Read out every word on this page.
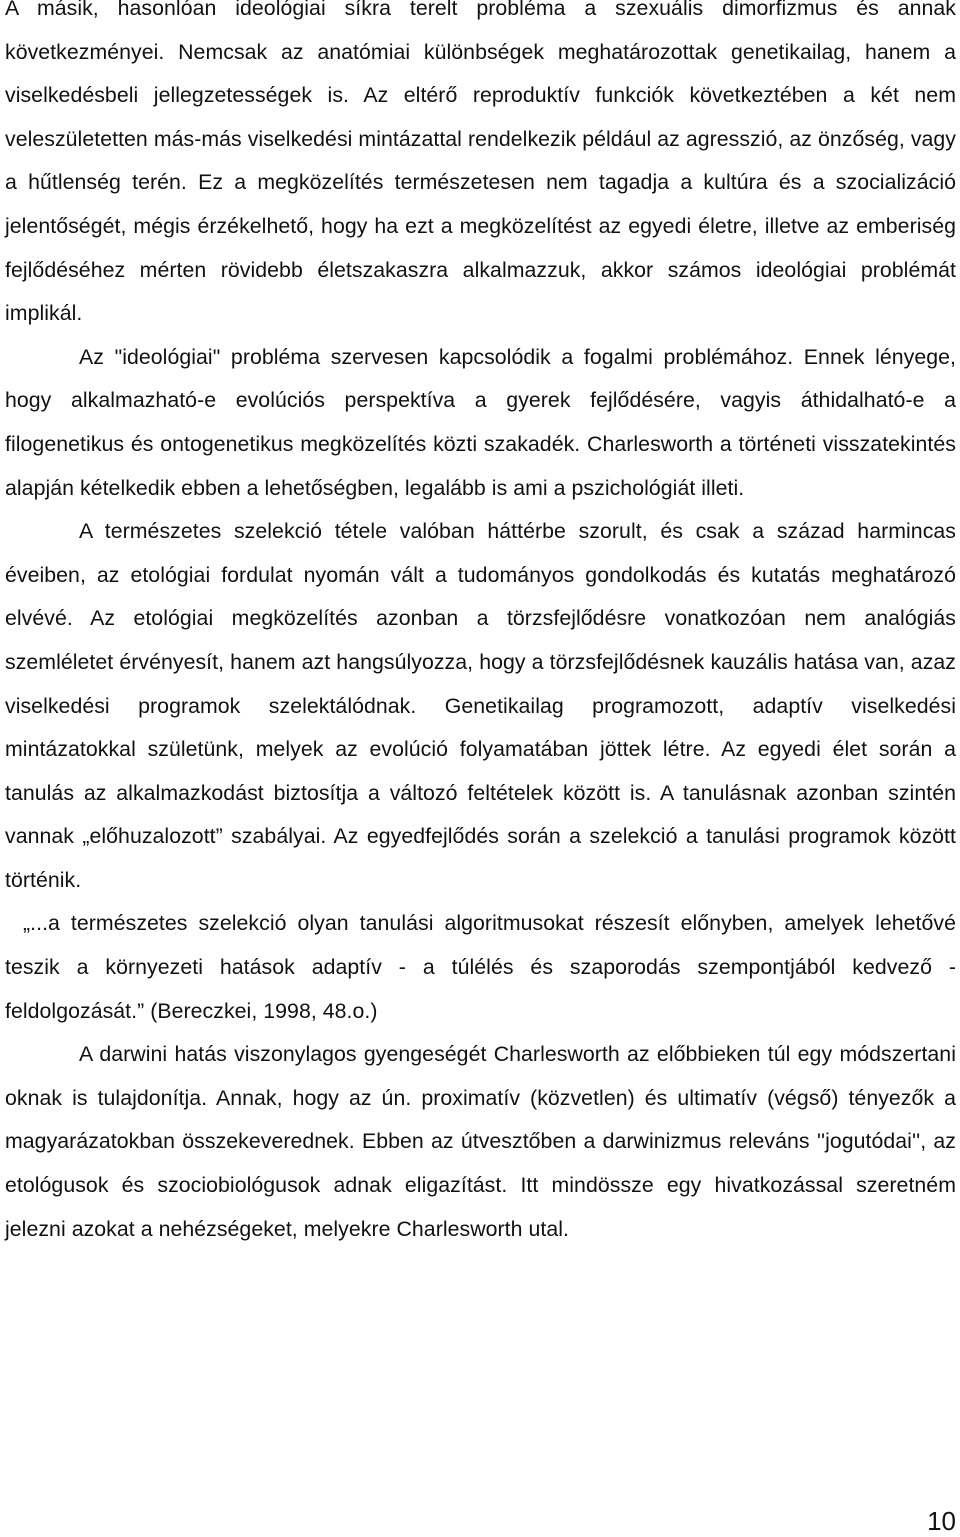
A másik, hasonlóan ideológiai síkra terelt probléma a szexuális dimorfizmus és annak következményei. Nemcsak az anatómiai különbségek meghatározottak genetikailag, hanem a viselkedésbeli jellegzetességek is. Az eltérő reproduktív funkciók következtében a két nem veleszületetten más-más viselkedési mintázattal rendelkezik például az agresszió, az önzőség, vagy a hűtlenség terén. Ez a megközelítés természetesen nem tagadja a kultúra és a szocializáció jelentőségét, mégis érzékelhető, hogy ha ezt a megközelítést az egyedi életre, illetve az emberiség fejlődéséhez mérten rövidebb életszakaszra alkalmazzuk, akkor számos ideológiai problémát implikál.

Az "ideológiai" probléma szervesen kapcsolódik a fogalmi problémához. Ennek lényege, hogy alkalmazható-e evolúciós perspektíva a gyerek fejlődésére, vagyis áthidalható-e a filogenetikus és ontogenetikus megközelítés közti szakadék. Charlesworth a történeti visszatekintés alapján kételkedik ebben a lehetőségben, legalább is ami a pszichológiát illeti.

A természetes szelekció tétele valóban háttérbe szorult, és csak a század harmincas éveiben, az etológiai fordulat nyomán vált a tudományos gondolkodás és kutatás meghatározó elvévé. Az etológiai megközelítés azonban a törzsfejlődésre vonatkozóan nem analógiás szemléletet érvényesít, hanem azt hangsúlyozza, hogy a törzsfejlődésnek kauzális hatása van, azaz viselkedési programok szelektálódnak. Genetikailag programozott, adaptív viselkedési mintázatokkal születünk, melyek az evolúció folyamatában jöttek létre. Az egyedi élet során a tanulás az alkalmazkodást biztosítja a változó feltételek között is. A tanulásnak azonban szintén vannak „előhuzalozott” szabályai. Az egyedfejlődés során a szelekció a tanulási programok között történik.

„...a természetes szelekció olyan tanulási algoritmusokat részesít előnyben, amelyek lehetővé teszik a környezeti hatások adaptív - a túlélés és szaporodás szempontjából kedvező - feldolgozását.” (Bereczkei, 1998, 48.o.)

A darwini hatás viszonylagos gyengeségét Charlesworth az előbbieken túl egy módszertani oknak is tulajdonítja. Annak, hogy az ún. proximatív (közvetlen) és ultimatív (végső) tényezők a magyarázatokban összekeverednek. Ebben az útvesztőben a darwinizmus releváns ''jogutódai'', az etológusok és szociobiológusok adnak eligazítást. Itt mindössze egy hivatkozással szeretném jelezni azokat a nehézségeket, melyekre Charlesworth utal.

10
